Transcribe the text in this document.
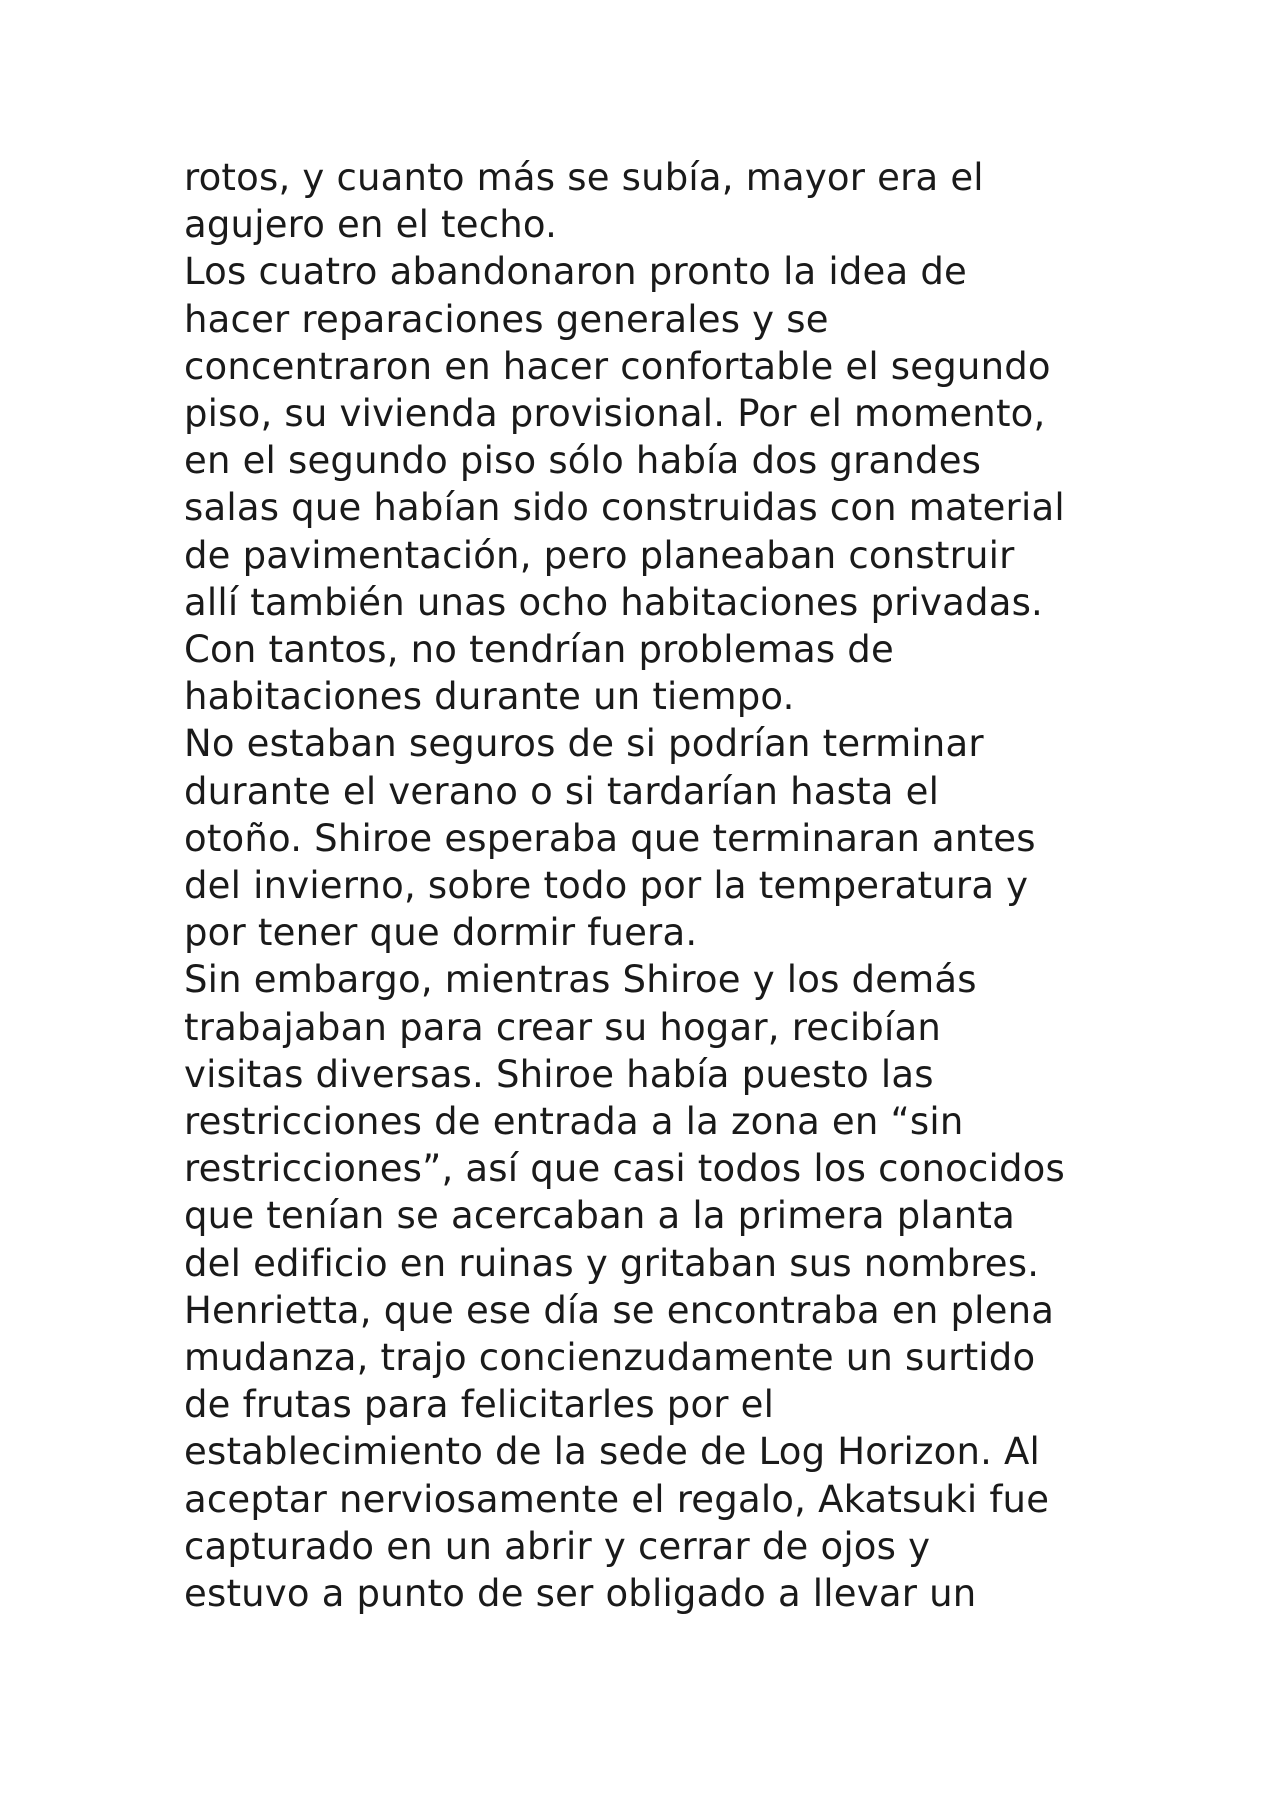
rotos, y cuanto más se subía, mayor era el
agujero en el techo.
Los cuatro abandonaron pronto la idea de
hacer reparaciones generales y se
concentraron en hacer confortable el segundo
piso, su vivienda provisional. Por el momento,
en el segundo piso sólo había dos grandes
salas que habían sido construidas con material
de pavimentación, pero planeaban construir
allí también unas ocho habitaciones privadas.
Con tantos, no tendrían problemas de
habitaciones durante un tiempo.
No estaban seguros de si podrían terminar
durante el verano o si tardarían hasta el
otoño. Shiroe esperaba que terminaran antes
del invierno, sobre todo por la temperatura y
por tener que dormir fuera.
Sin embargo, mientras Shiroe y los demás
trabajaban para crear su hogar, recibían
visitas diversas. Shiroe había puesto las
restricciones de entrada a la zona en “sin
restricciones”, así que casi todos los conocidos
que tenían se acercaban a la primera planta
del edificio en ruinas y gritaban sus nombres.
Henrietta, que ese día se encontraba en plena
mudanza, trajo concienzudamente un surtido
de frutas para felicitarles por el
establecimiento de la sede de Log Horizon. Al
aceptar nerviosamente el regalo, Akatsuki fue
capturado en un abrir y cerrar de ojos y
estuvo a punto de ser obligado a llevar un
